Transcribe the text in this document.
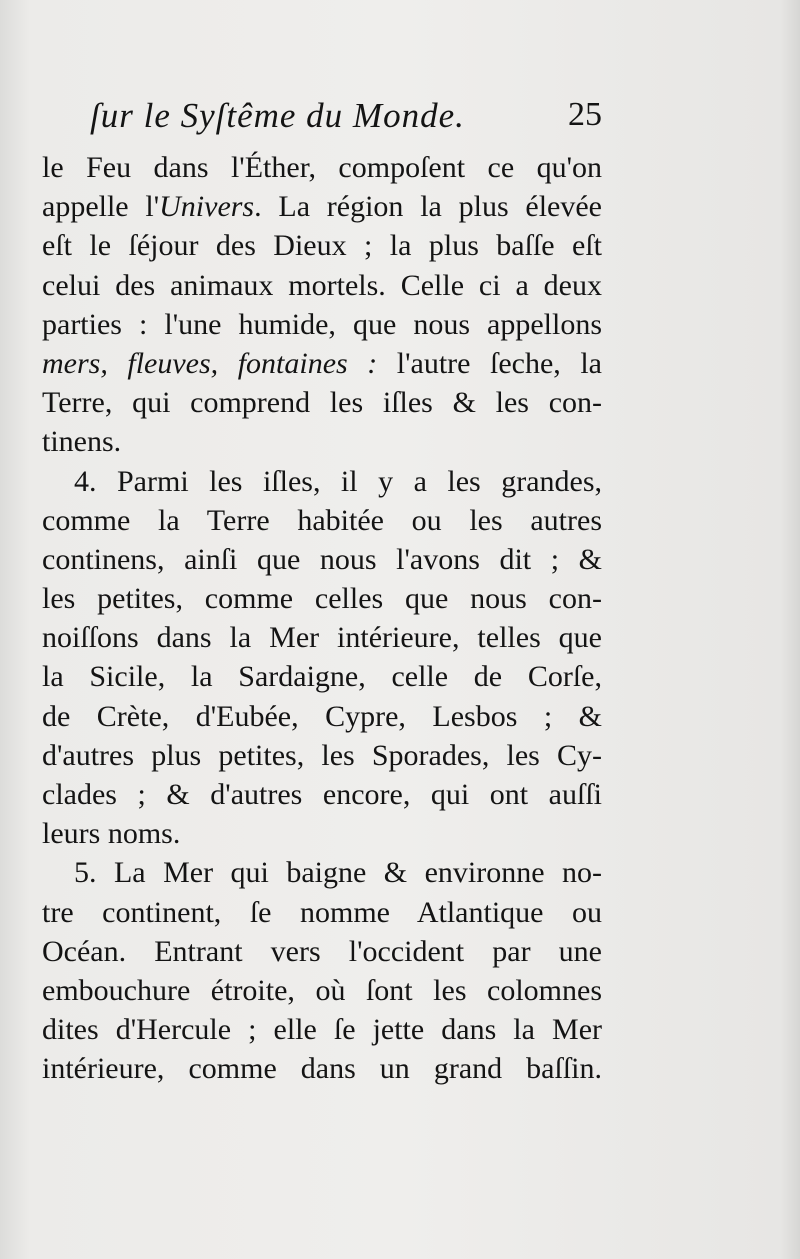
ſur le Syſtême du Monde.	25
le Feu dans l'Éther, compoſent ce qu'on
appelle l'Univers. La région la plus élevée
eſt le ſéjour des Dieux ; la plus baſſe eſt
celui des animaux mortels. Celle ci a deux
parties : l'une humide, que nous appellons
mers, fleuves, fontaines : l'autre ſeche, la
Terre, qui comprend les iſles & les con-
tinens.
4. Parmi les iſles, il y a les grandes,
comme la Terre habitée ou les autres
continens, ainſi que nous l'avons dit ; &
les petites, comme celles que nous con-
noiſſons dans la Mer intérieure, telles que
la Sicile, la Sardaigne, celle de Corſe,
de Crète, d'Eubée, Cypre, Lesbos ; &
d'autres plus petites, les Sporades, les Cy-
clades ; & d'autres encore, qui ont auſſi
leurs noms.
5. La Mer qui baigne & environne no-
tre continent, ſe nomme Atlantique ou
Océan. Entrant vers l'occident par une
embouchure étroite, où ſont les colomnes
dites d'Hercule ; elle ſe jette dans la Mer
intérieure, comme dans un grand baſſin.
